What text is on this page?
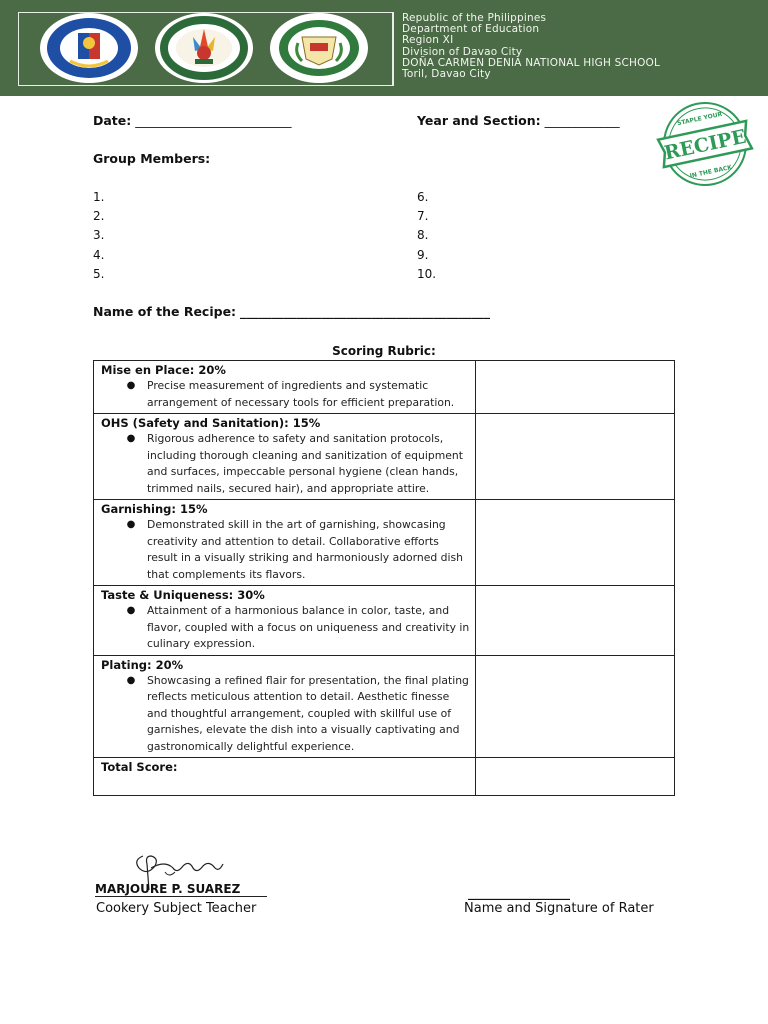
Republic of the Philippines
Department of Education
Region XI
Division of Davao City
DOÑA CARMEN DENIA NATIONAL HIGH SCHOOL
Toril, Davao City
RECIPE
STAPLE YOUR
IN THE BACK
Date: _________________________	Year and Section: ____________
Group Members:
1.
2.
3.
4.
5.
6.
7.
8.
9.
10.
Name of the Recipe: ________________________________________
Scoring Rubric:
Mise en Place: 20%
● Precise measurement of ingredients and systematic arrangement of necessary tools for efficient preparation.	

OHS (Safety and Sanitation): 15%
● Rigorous adherence to safety and sanitation protocols, including thorough cleaning and sanitization of equipment and surfaces, impeccable personal hygiene (clean hands, trimmed nails, secured hair), and appropriate attire.	

Garnishing: 15%
● Demonstrated skill in the art of garnishing, showcasing creativity and attention to detail. Collaborative efforts result in a visually striking and harmoniously adorned dish that complements its flavors.	

Taste & Uniqueness: 30%
● Attainment of a harmonious balance in color, taste, and flavor, coupled with a focus on uniqueness and creativity in culinary expression.	

Plating: 20%
● Showcasing a refined flair for presentation, the final plating reflects meticulous attention to detail. Aesthetic finesse and thoughtful arrangement, coupled with skillful use of garnishes, elevate the dish into a visually captivating and gastronomically delightful experience.	

Total Score:	

MARJOURE P. SUAREZ
Cookery Subject Teacher
_________________
Name and Signature of Rater
